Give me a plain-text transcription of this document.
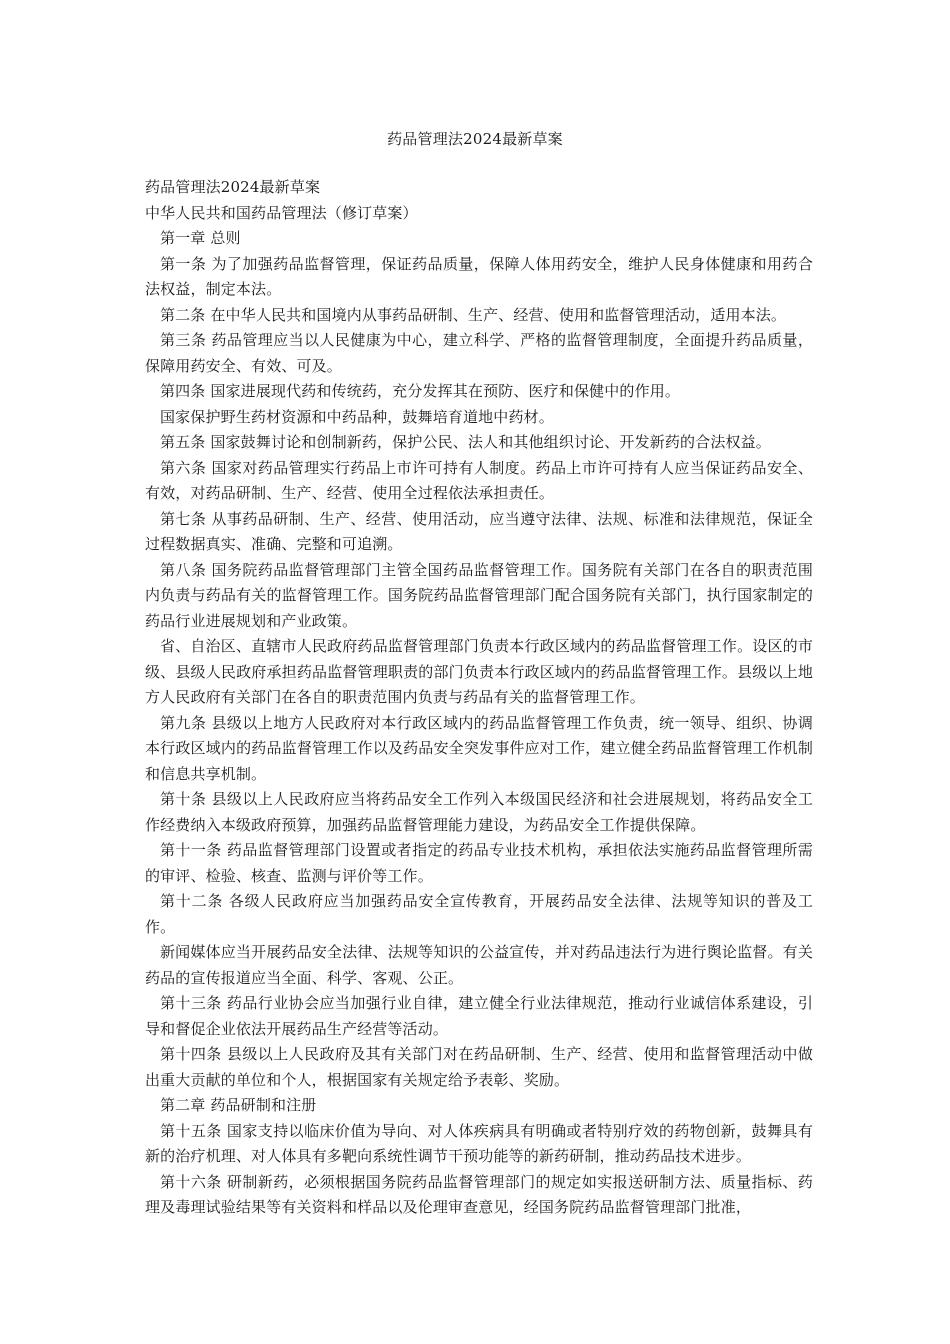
药品管理法2024最新草案

药品管理法2024最新草案

中华人民共和国药品管理法（修订草案）

第一章 总则

第一条 为了加强药品监督管理，保证药品质量，保障人体用药安全，维护人民身体健康和用药合法权益，制定本法。

第二条 在中华人民共和国境内从事药品研制、生产、经营、使用和监督管理活动，适用本法。

第三条 药品管理应当以人民健康为中心，建立科学、严格的监督管理制度，全面提升药品质量，保障用药安全、有效、可及。

第四条 国家进展现代药和传统药，充分发挥其在预防、医疗和保健中的作用。

国家保护野生药材资源和中药品种，鼓舞培育道地中药材。

第五条 国家鼓舞讨论和创制新药，保护公民、法人和其他组织讨论、开发新药的合法权益。

第六条 国家对药品管理实行药品上市许可持有人制度。药品上市许可持有人应当保证药品安全、有效，对药品研制、生产、经营、使用全过程依法承担责任。

第七条 从事药品研制、生产、经营、使用活动，应当遵守法律、法规、标准和法律规范，保证全过程数据真实、准确、完整和可追溯。

第八条 国务院药品监督管理部门主管全国药品监督管理工作。国务院有关部门在各自的职责范围内负责与药品有关的监督管理工作。国务院药品监督管理部门配合国务院有关部门，执行国家制定的药品行业进展规划和产业政策。

省、自治区、直辖市人民政府药品监督管理部门负责本行政区域内的药品监督管理工作。设区的市级、县级人民政府承担药品监督管理职责的部门负责本行政区域内的药品监督管理工作。县级以上地方人民政府有关部门在各自的职责范围内负责与药品有关的监督管理工作。

第九条 县级以上地方人民政府对本行政区域内的药品监督管理工作负责，统一领导、组织、协调本行政区域内的药品监督管理工作以及药品安全突发事件应对工作，建立健全药品监督管理工作机制和信息共享机制。

第十条 县级以上人民政府应当将药品安全工作列入本级国民经济和社会进展规划，将药品安全工作经费纳入本级政府预算，加强药品监督管理能力建设，为药品安全工作提供保障。

第十一条 药品监督管理部门设置或者指定的药品专业技术机构，承担依法实施药品监督管理所需的审评、检验、核查、监测与评价等工作。

第十二条 各级人民政府应当加强药品安全宣传教育，开展药品安全法律、法规等知识的普及工作。

新闻媒体应当开展药品安全法律、法规等知识的公益宣传，并对药品违法行为进行舆论监督。有关药品的宣传报道应当全面、科学、客观、公正。

第十三条 药品行业协会应当加强行业自律，建立健全行业法律规范，推动行业诚信体系建设，引导和督促企业依法开展药品生产经营等活动。

第十四条 县级以上人民政府及其有关部门对在药品研制、生产、经营、使用和监督管理活动中做出重大贡献的单位和个人，根据国家有关规定给予表彰、奖励。

第二章 药品研制和注册

第十五条 国家支持以临床价值为导向、对人体疾病具有明确或者特别疗效的药物创新，鼓舞具有新的治疗机理、对人体具有多靶向系统性调节干预功能等的新药研制，推动药品技术进步。

第十六条 研制新药，必须根据国务院药品监督管理部门的规定如实报送研制方法、质量指标、药理及毒理试验结果等有关资料和样品以及伦理审查意见，经国务院药品监督管理部门批准，
